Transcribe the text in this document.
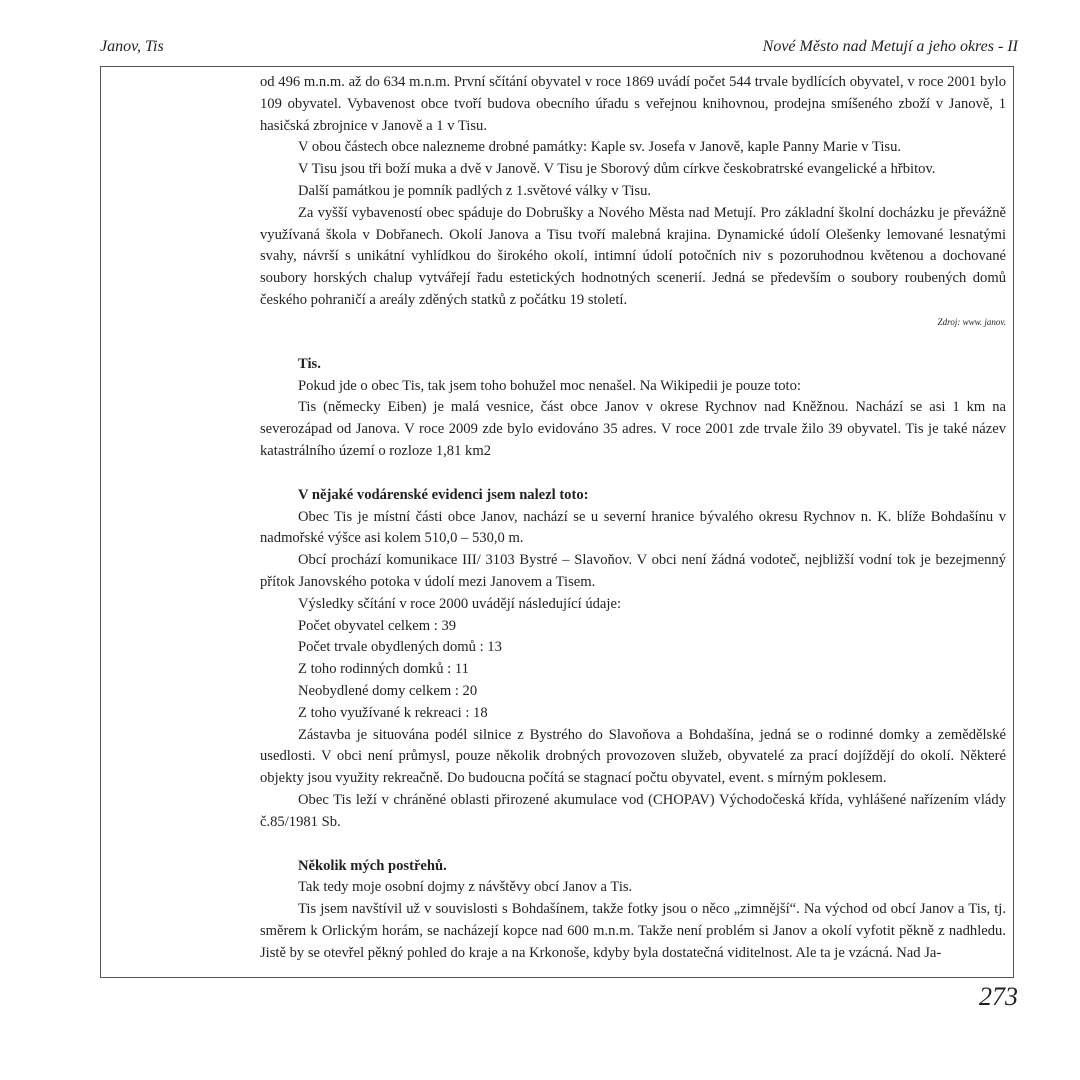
Janov, Tis	Nové Město nad Metují a jeho okres - II

od 496 m.n.m. až do 634 m.n.m. První sčítání obyvatel v roce 1869 uvádí počet 544 trvale bydlících obyvatel, v roce 2001 bylo 109 obyvatel. Vybavenost obce tvoří budova obecního úřadu s veřejnou knihovnou, prodejna smíšeného zboží v Janově, 1 hasičská zbrojnice v Janově a 1 v Tisu.

V obou částech obce nalezneme drobné památky: Kaple sv. Josefa v Janově, kaple Panny Marie v Tisu.

V Tisu jsou tři boží muka a dvě v Janově. V Tisu je Sborový dům církve českobratrské evangelické a hřbitov.

Další památkou je pomník padlých z 1.světové války v Tisu.

Za vyšší vybaveností obec spáduje do Dobrušky a Nového Města nad Metují. Pro základní školní docházku je převážně využívaná škola v Dobřanech. Okolí Janova a Tisu tvoří malebná krajina. Dynamické údolí Olešenky lemované lesnatými svahy, návrší s unikátní vyhlídkou do širokého okolí, intimní údolí potočních niv s pozoruhodnou květenou a dochované soubory horských chalup vytvářejí řadu estetických hodnotných scenerií. Jedná se především o soubory roubených domů českého pohraničí a areály zděných statků z počátku 19 století.

Zdroj: www. janov.

Tis.

Pokud jde o obec Tis, tak jsem toho bohužel moc nenašel. Na Wikipedii je pouze toto:

Tis (německy Eiben) je malá vesnice, část obce Janov v okrese Rychnov nad Kněžnou. Nachází se asi 1 km na severozápad od Janova. V roce 2009 zde bylo evidováno 35 adres. V roce 2001 zde trvale žilo 39 obyvatel. Tis je také název katastrálního území o rozloze 1,81 km2

V nějaké vodárenské evidenci jsem nalezl toto:

Obec Tis je místní části obce Janov, nachází se u severní hranice bývalého okresu Rychnov n. K. blíže Bohdašínu v nadmořské výšce asi kolem 510,0 – 530,0 m.

Obcí prochází komunikace III/ 3103 Bystré – Slavoňov. V obci není žádná vodoteč, nejbližší vodní tok je bezejmenný přítok Janovského potoka v údolí mezi Janovem a Tisem.

Výsledky sčítání v roce 2000 uvádějí následující údaje:

Počet obyvatel celkem : 39

Počet trvale obydlených domů : 13

Z toho rodinných domků : 11

Neobydlené domy celkem : 20

Z toho využívané k rekreaci : 18

Zástavba je situována podél silnice z Bystrého do Slavoňova a Bohdašína, jedná se o rodinné domky a zemědělské usedlosti. V obci není průmysl, pouze několik drobných provozoven služeb, obyvatelé za prací dojíždějí do okolí. Některé objekty jsou využity rekreačně. Do budoucna počítá se stagnací počtu obyvatel, event. s mírným poklesem.

Obec Tis leží v chráněné oblasti přirozené akumulace vod (CHOPAV) Východočeská křída, vyhlášené nařízením vlády č.85/1981 Sb.

Několik mých postřehů.

Tak tedy moje osobní dojmy z návštěvy obcí Janov a Tis.

Tis jsem navštívil už v souvislosti s Bohdašínem, takže fotky jsou o něco „zimnější“. Na východ od obcí Janov a Tis, tj. směrem k Orlickým horám, se nacházejí kopce nad 600 m.n.m. Takže není problém si Janov a okolí vyfotit pěkně z nadhledu. Jistě by se otevřel pěkný pohled do kraje a na Krkonoše, kdyby byla dostatečná viditelnost. Ale ta je vzácná. Nad Ja-

273
